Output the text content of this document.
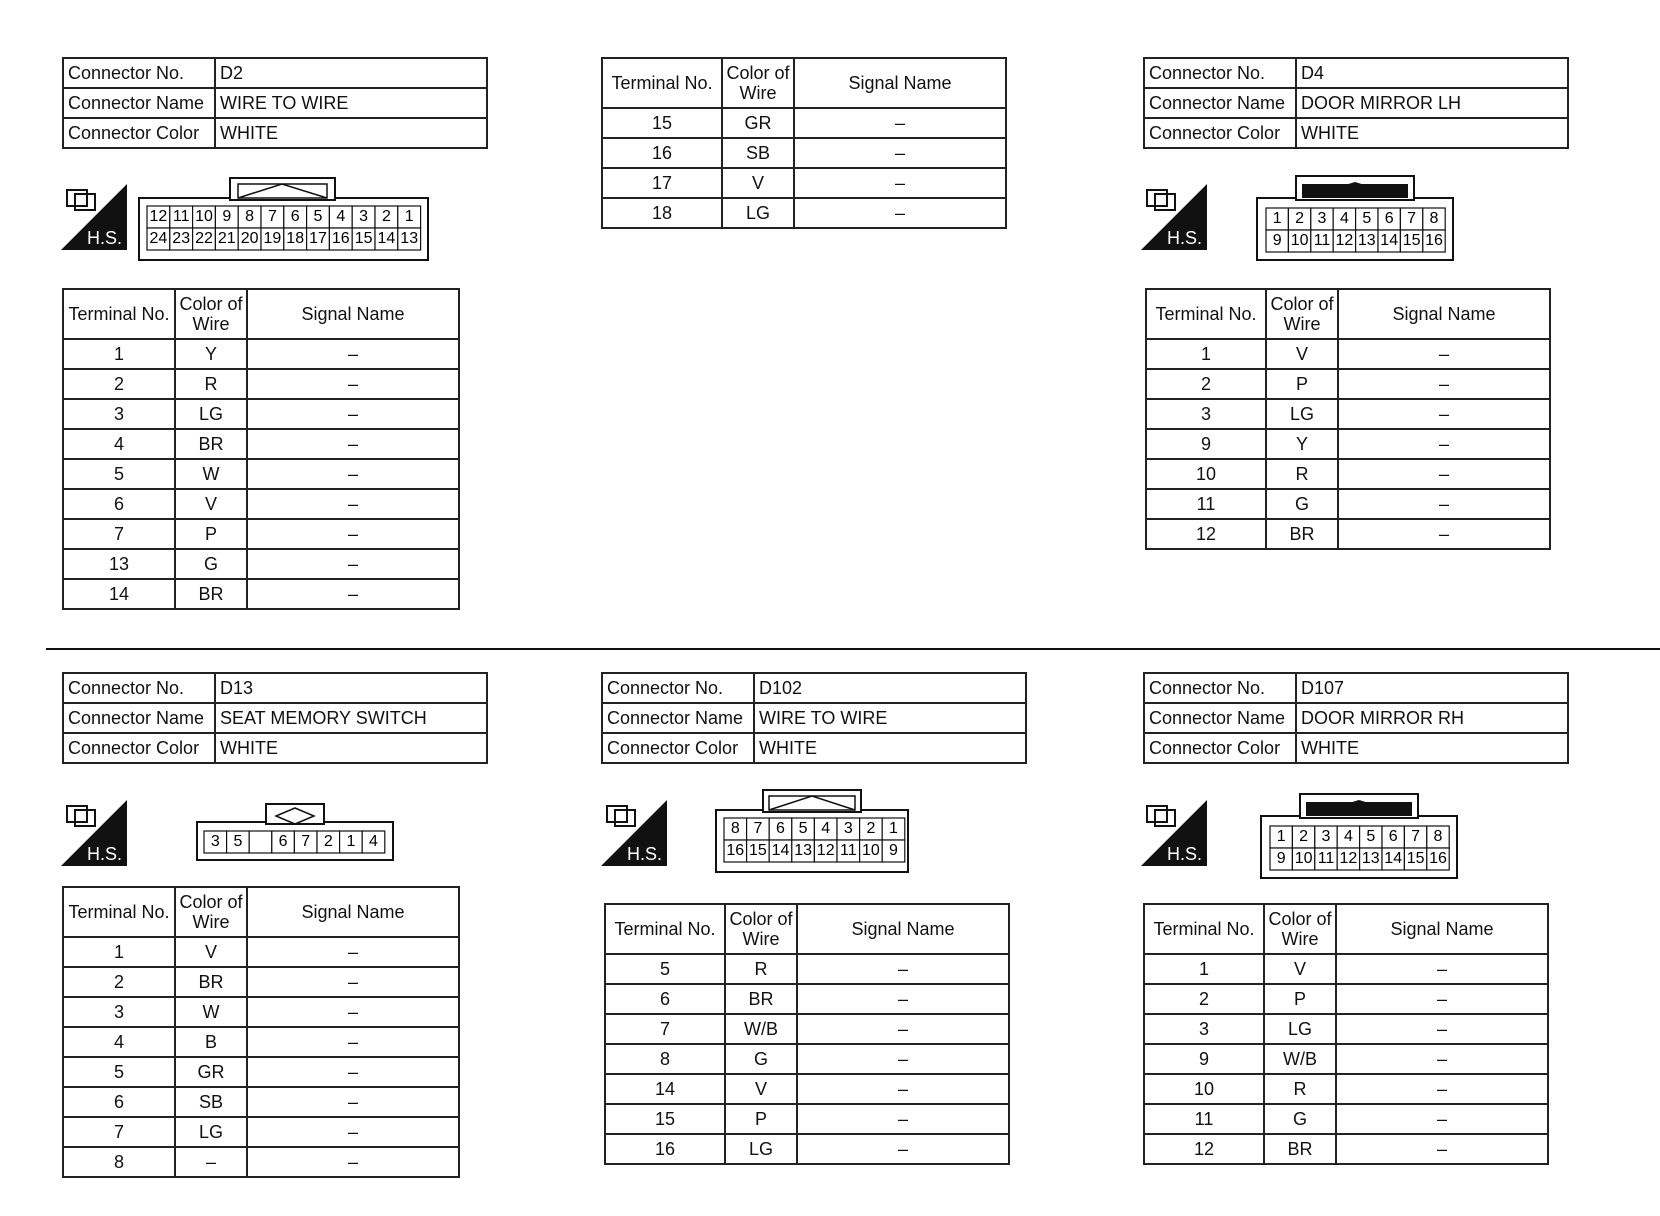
Connector No.	D2
Connector Name	WIRE TO WIRE
Connector Color	WHITE
H.S.
12 11 10 9 8 7 6 5 4 3 2 1
24 23 22 21 20 19 18 17 16 15 14 13
Terminal No.	Color of Wire	Signal Name
1	Y	–
2	R	–
3	LG	–
4	BR	–
5	W	–
6	V	–
7	P	–
13	G	–
14	BR	–
Terminal No.	Color of Wire	Signal Name
15	GR	–
16	SB	–
17	V	–
18	LG	–
Connector No.	D4
Connector Name	DOOR MIRROR LH
Connector Color	WHITE
H.S.
1 2 3 4 5 6 7 8
9 10 11 12 13 14 15 16
Terminal No.	Color of Wire	Signal Name
1	V	–
2	P	–
3	LG	–
9	Y	–
10	R	–
11	G	–
12	BR	–
Connector No.	D13
Connector Name	SEAT MEMORY SWITCH
Connector Color	WHITE
H.S.
3 5 6 7 2 1 4
Terminal No.	Color of Wire	Signal Name
1	V	–
2	BR	–
3	W	–
4	B	–
5	GR	–
6	SB	–
7	LG	–
8	–	–
Connector No.	D102
Connector Name	WIRE TO WIRE
Connector Color	WHITE
H.S.
8 7 6 5 4 3 2 1
16 15 14 13 12 11 10 9
Terminal No.	Color of Wire	Signal Name
5	R	–
6	BR	–
7	W/B	–
8	G	–
14	V	–
15	P	–
16	LG	–
Connector No.	D107
Connector Name	DOOR MIRROR RH
Connector Color	WHITE
H.S.
1 2 3 4 5 6 7 8
9 10 11 12 13 14 15 16
Terminal No.	Color of Wire	Signal Name
1	V	–
2	P	–
3	LG	–
9	W/B	–
10	R	–
11	G	–
12	BR	–
